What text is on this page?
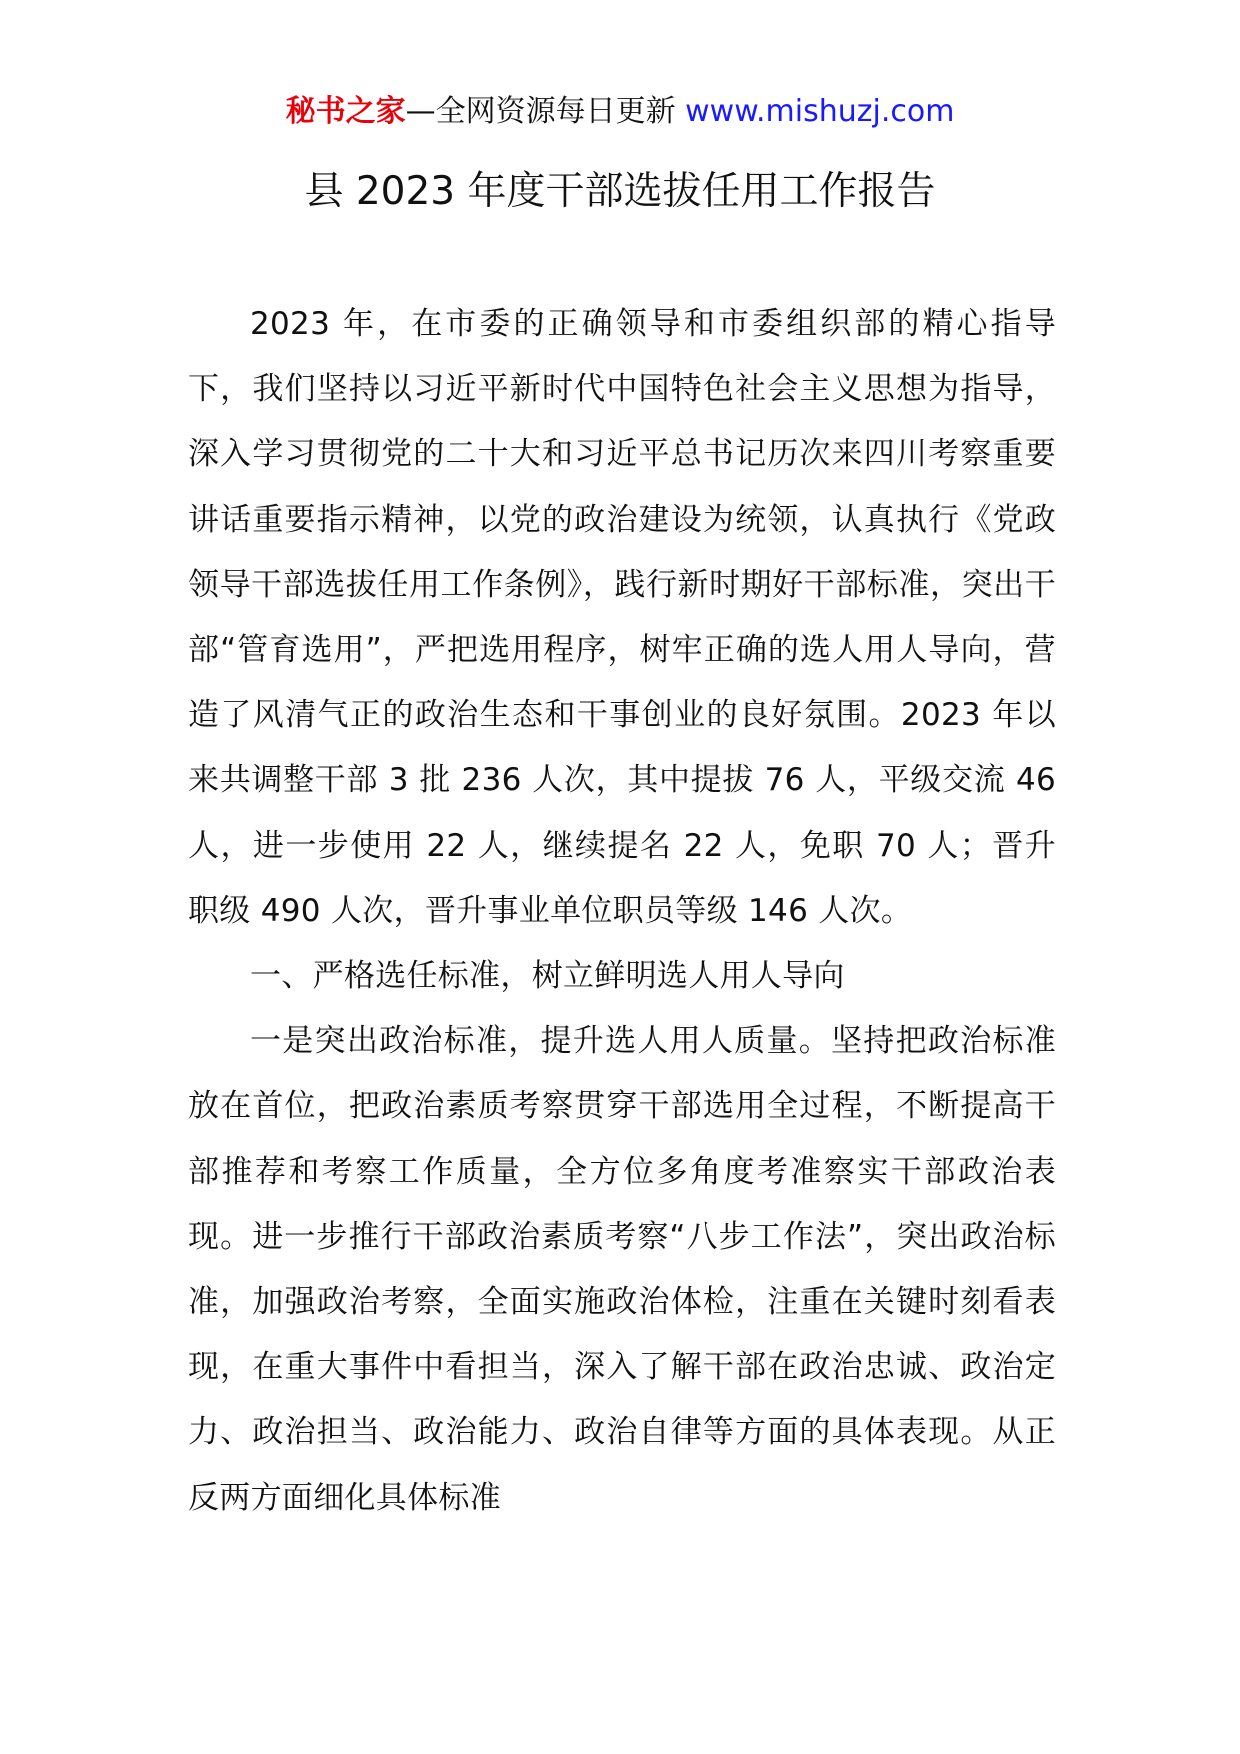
秘书之家—全网资源每日更新 www.mishuzj.com
县 2023 年度干部选拔任用工作报告

2023 年，在市委的正确领导和市委组织部的精心指导下，我们坚持以习近平新时代中国特色社会主义思想为指导，深入学习贯彻党的二十大和习近平总书记历次来四川考察重要讲话重要指示精神，以党的政治建设为统领，认真执行《党政领导干部选拔任用工作条例》，践行新时期好干部标准，突出干部“管育选用”，严把选用程序，树牢正确的选人用人导向，营造了风清气正的政治生态和干事创业的良好氛围。2023 年以来共调整干部 3 批 236 人次，其中提拔 76 人，平级交流 46 人，进一步使用 22 人，继续提名 22 人，免职 70 人；晋升职级 490 人次，晋升事业单位职员等级 146 人次。

一、严格选任标准，树立鲜明选人用人导向

一是突出政治标准，提升选人用人质量。坚持把政治标准放在首位，把政治素质考察贯穿干部选用全过程，不断提高干部推荐和考察工作质量，全方位多角度考准察实干部政治表现。进一步推行干部政治素质考察“八步工作法”，突出政治标准，加强政治考察，全面实施政治体检，注重在关键时刻看表现，在重大事件中看担当，深入了解干部在政治忠诚、政治定力、政治担当、政治能力、政治自律等方面的具体表现。从正反两方面细化具体标准
